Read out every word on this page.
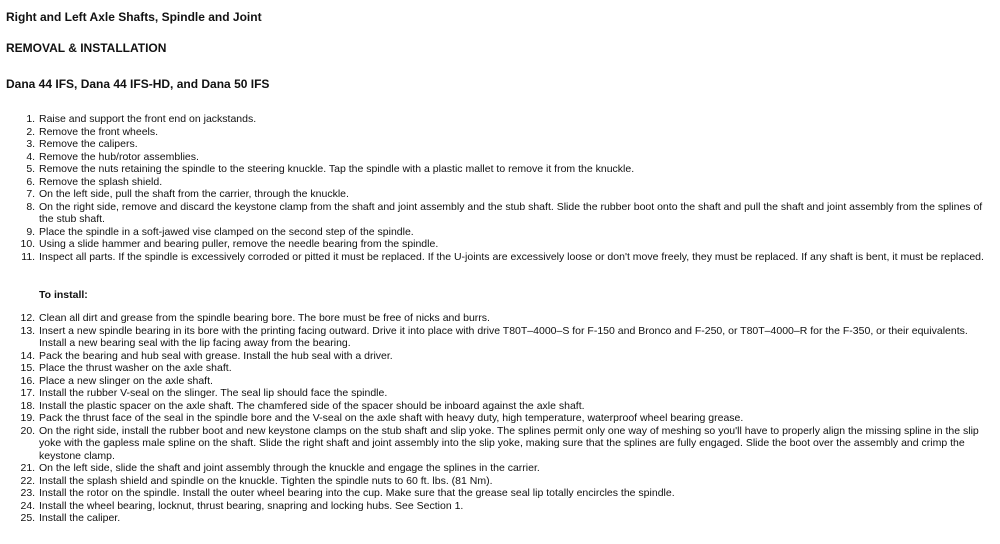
Right and Left Axle Shafts, Spindle and Joint
REMOVAL & INSTALLATION
Dana 44 IFS, Dana 44 IFS-HD, and Dana 50 IFS
1. Raise and support the front end on jackstands.
2. Remove the front wheels.
3. Remove the calipers.
4. Remove the hub/rotor assemblies.
5. Remove the nuts retaining the spindle to the steering knuckle. Tap the spindle with a plastic mallet to remove it from the knuckle.
6. Remove the splash shield.
7. On the left side, pull the shaft from the carrier, through the knuckle.
8. On the right side, remove and discard the keystone clamp from the shaft and joint assembly and the stub shaft. Slide the rubber boot onto the shaft and pull the shaft and joint assembly from the splines of the stub shaft.
9. Place the spindle in a soft-jawed vise clamped on the second step of the spindle.
10. Using a slide hammer and bearing puller, remove the needle bearing from the spindle.
11. Inspect all parts. If the spindle is excessively corroded or pitted it must be replaced. If the U-joints are excessively loose or don't move freely, they must be replaced. If any shaft is bent, it must be replaced.

To install:

12. Clean all dirt and grease from the spindle bearing bore. The bore must be free of nicks and burrs.
13. Insert a new spindle bearing in its bore with the printing facing outward. Drive it into place with drive T80T–4000–S for F-150 and Bronco and F-250, or T80T–4000–R for the F-350, or their equivalents. Install a new bearing seal with the lip facing away from the bearing.
14. Pack the bearing and hub seal with grease. Install the hub seal with a driver.
15. Place the thrust washer on the axle shaft.
16. Place a new slinger on the axle shaft.
17. Install the rubber V-seal on the slinger. The seal lip should face the spindle.
18. Install the plastic spacer on the axle shaft. The chamfered side of the spacer should be inboard against the axle shaft.
19. Pack the thrust face of the seal in the spindle bore and the V-seal on the axle shaft with heavy duty, high temperature, waterproof wheel bearing grease.
20. On the right side, install the rubber boot and new keystone clamps on the stub shaft and slip yoke. The splines permit only one way of meshing so you'll have to properly align the missing spline in the slip yoke with the gapless male spline on the shaft. Slide the right shaft and joint assembly into the slip yoke, making sure that the splines are fully engaged. Slide the boot over the assembly and crimp the keystone clamp.
21. On the left side, slide the shaft and joint assembly through the knuckle and engage the splines in the carrier.
22. Install the splash shield and spindle on the knuckle. Tighten the spindle nuts to 60 ft. lbs. (81 Nm).
23. Install the rotor on the spindle. Install the outer wheel bearing into the cup. Make sure that the grease seal lip totally encircles the spindle.
24. Install the wheel bearing, locknut, thrust bearing, snapring and locking hubs. See Section 1.
25. Install the caliper.
